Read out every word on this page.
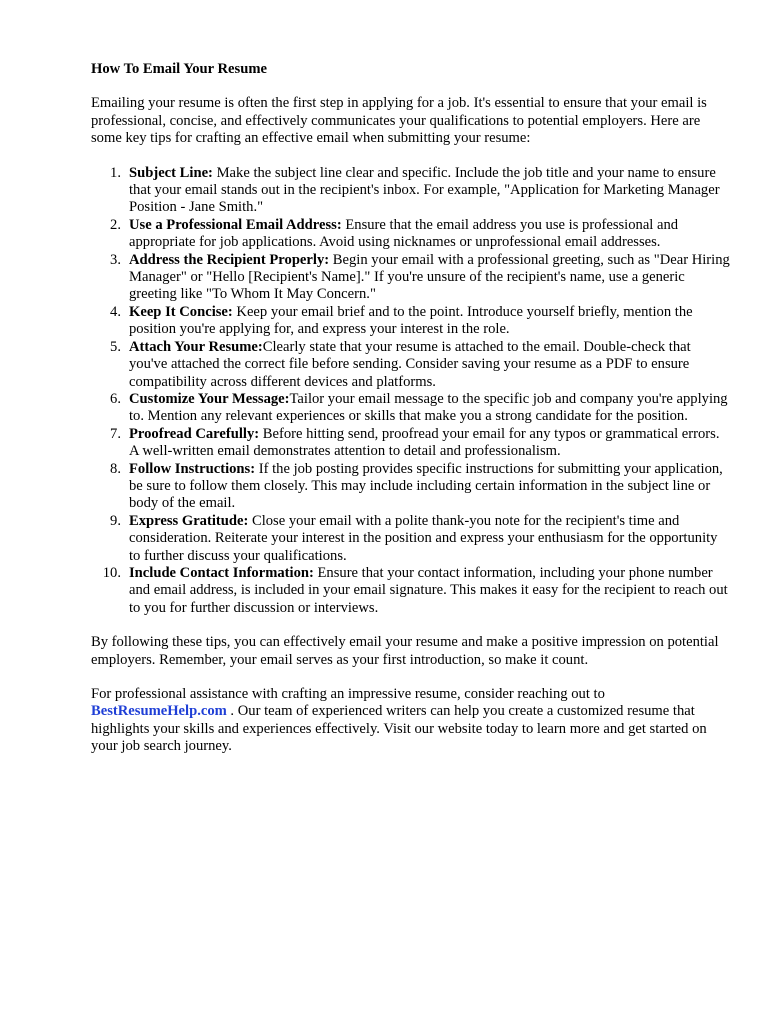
How To Email Your Resume

Emailing your resume is often the first step in applying for a job. It's essential to ensure that your email is professional, concise, and effectively communicates your qualifications to potential employers. Here are some key tips for crafting an effective email when submitting your resume:

1. Subject Line: Make the subject line clear and specific. Include the job title and your name to ensure that your email stands out in the recipient's inbox. For example, "Application for Marketing Manager Position - Jane Smith."
2. Use a Professional Email Address: Ensure that the email address you use is professional and appropriate for job applications. Avoid using nicknames or unprofessional email addresses.
3. Address the Recipient Properly: Begin your email with a professional greeting, such as "Dear Hiring Manager" or "Hello [Recipient's Name]." If you're unsure of the recipient's name, use a generic greeting like "To Whom It May Concern."
4. Keep It Concise: Keep your email brief and to the point. Introduce yourself briefly, mention the position you're applying for, and express your interest in the role.
5. Attach Your Resume:Clearly state that your resume is attached to the email. Double-check that you've attached the correct file before sending. Consider saving your resume as a PDF to ensure compatibility across different devices and platforms.
6. Customize Your Message:Tailor your email message to the specific job and company you're applying to. Mention any relevant experiences or skills that make you a strong candidate for the position.
7. Proofread Carefully: Before hitting send, proofread your email for any typos or grammatical errors. A well-written email demonstrates attention to detail and professionalism.
8. Follow Instructions: If the job posting provides specific instructions for submitting your application, be sure to follow them closely. This may include including certain information in the subject line or body of the email.
9. Express Gratitude: Close your email with a polite thank-you note for the recipient's time and consideration. Reiterate your interest in the position and express your enthusiasm for the opportunity to further discuss your qualifications.
10. Include Contact Information: Ensure that your contact information, including your phone number and email address, is included in your email signature. This makes it easy for the recipient to reach out to you for further discussion or interviews.

By following these tips, you can effectively email your resume and make a positive impression on potential employers. Remember, your email serves as your first introduction, so make it count.

For professional assistance with crafting an impressive resume, consider reaching out to
BestResumeHelp.com . Our team of experienced writers can help you create a customized resume that highlights your skills and experiences effectively. Visit our website today to learn more and get started on your job search journey.
